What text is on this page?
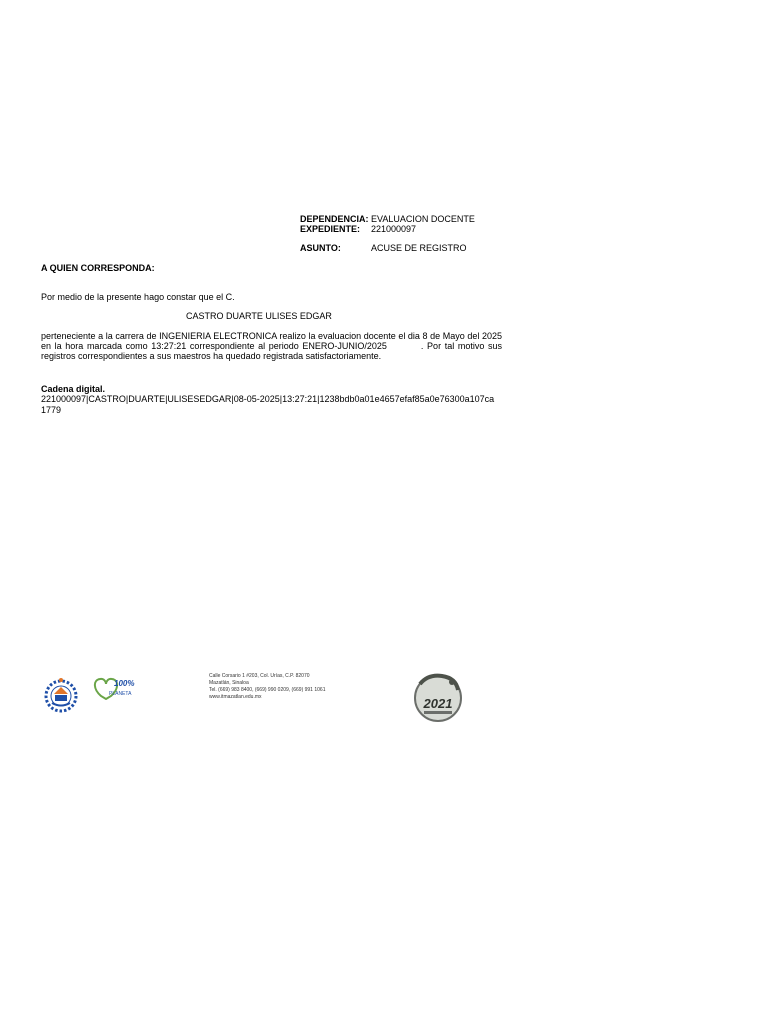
DEPENDENCIA: EVALUACION DOCENTE
EXPEDIENTE:	221000097
ASUNTO:	ACUSE DE REGISTRO
A QUIEN CORRESPONDA:
Por medio de la presente hago constar que el C.
CASTRO DUARTE ULISES EDGAR
perteneciente a la carrera de INGENIERIA ELECTRONICA realizo la evaluacion docente el dia 8 de Mayo del 2025 en la hora marcada como 13:27:21 correspondiente al periodo ENERO-JUNIO/2025	. Por tal motivo sus registros correspondientes a sus maestros ha quedado registrada satisfactoriamente.
Cadena digital.
221000097|CASTRO|DUARTE|ULISESEDGAR|08-05-2025|13:27:21|1238bdb0a01e4657efaf85a0e76300a107ca
1779
100%
PLANETA
Calle Corsario 1 #203, Col. Urías, C.P. 82070
Mazatlán, Sinaloa
Tel. (669) 983 8400, (669) 990 0209, (669) 991 1061
www.itmazatlan.edu.mx	2021
